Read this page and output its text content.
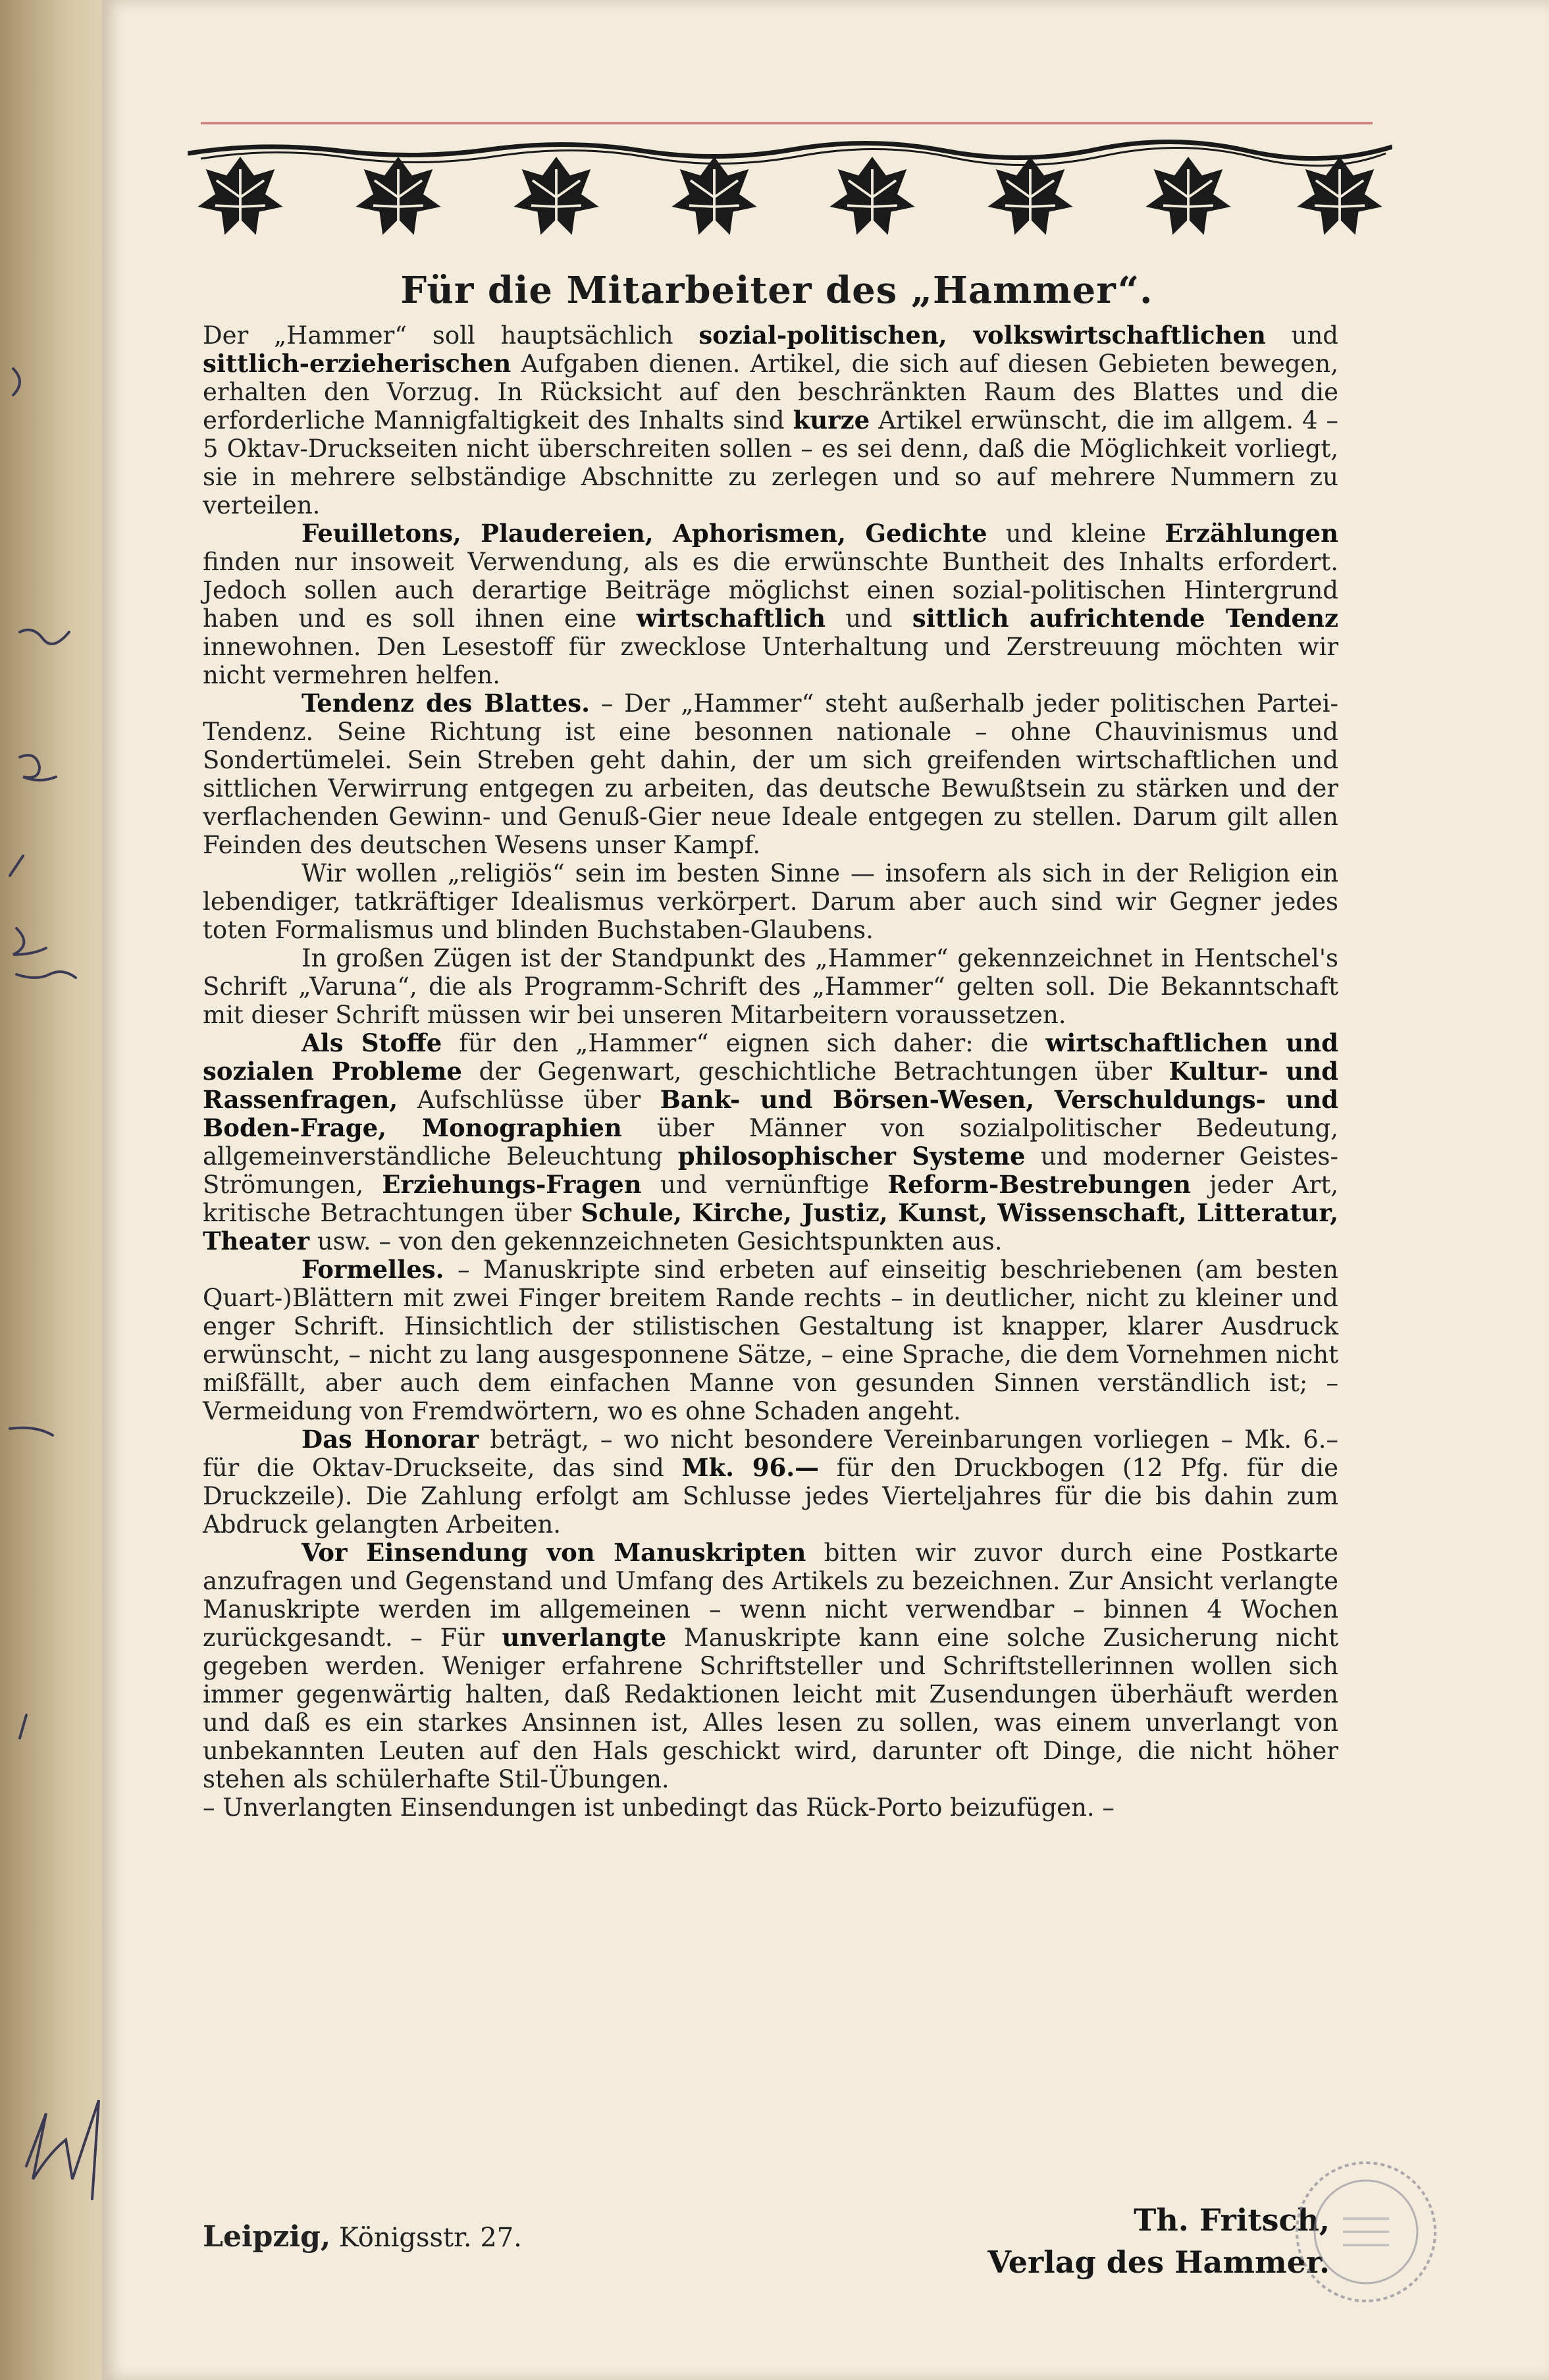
Für die Mitarbeiter des „Hammer“.

Der „Hammer“ soll hauptsächlich sozial-politischen, volkswirtschaftlichen und sittlich-erzieherischen Aufgaben dienen. Artikel, die sich auf diesen Gebieten bewegen, erhalten den Vorzug. In Rücksicht auf den beschränkten Raum des Blattes und die erforderliche Mannigfaltigkeit des Inhalts sind kurze Artikel erwünscht, die im allgem. 4 – 5 Oktav-Druckseiten nicht überschreiten sollen – es sei denn, daß die Möglichkeit vorliegt, sie in mehrere selbständige Abschnitte zu zerlegen und so auf mehrere Nummern zu verteilen.

Feuilletons, Plaudereien, Aphorismen, Gedichte und kleine Erzählungen finden nur insoweit Verwendung, als es die erwünschte Buntheit des Inhalts erfordert. Jedoch sollen auch derartige Beiträge möglichst einen sozial-politischen Hintergrund haben und es soll ihnen eine wirtschaftlich und sittlich aufrichtende Tendenz innewohnen. Den Lesestoff für zwecklose Unterhaltung und Zerstreuung möchten wir nicht vermehren helfen.

Tendenz des Blattes. – Der „Hammer“ steht außerhalb jeder politischen Partei-Tendenz. Seine Richtung ist eine besonnen nationale – ohne Chauvinismus und Sondertümelei. Sein Streben geht dahin, der um sich greifenden wirtschaftlichen und sittlichen Verwirrung entgegen zu arbeiten, das deutsche Bewußtsein zu stärken und der verflachenden Gewinn- und Genuß-Gier neue Ideale entgegen zu stellen. Darum gilt allen Feinden des deutschen Wesens unser Kampf.

Wir wollen „religiös“ sein im besten Sinne — insofern als sich in der Religion ein lebendiger, tatkräftiger Idealismus verkörpert. Darum aber auch sind wir Gegner jedes toten Formalismus und blinden Buchstaben-Glaubens.

In großen Zügen ist der Standpunkt des „Hammer“ gekennzeichnet in Hentschel's Schrift „Varuna“, die als Programm-Schrift des „Hammer“ gelten soll. Die Bekanntschaft mit dieser Schrift müssen wir bei unseren Mitarbeitern voraussetzen.

Als Stoffe für den „Hammer“ eignen sich daher: die wirtschaftlichen und sozialen Probleme der Gegenwart, geschichtliche Betrachtungen über Kultur- und Rassenfragen, Aufschlüsse über Bank- und Börsen-Wesen, Verschuldungs- und Boden-Frage, Monographien über Männer von sozialpolitischer Bedeutung, allgemeinverständliche Beleuchtung philosophischer Systeme und moderner Geistes-Strömungen, Erziehungs-Fragen und vernünftige Reform-Bestrebungen jeder Art, kritische Betrachtungen über Schule, Kirche, Justiz, Kunst, Wissenschaft, Litteratur, Theater usw. – von den gekennzeichneten Gesichtspunkten aus.

Formelles. – Manuskripte sind erbeten auf einseitig beschriebenen (am besten Quart-)Blättern mit zwei Finger breitem Rande rechts – in deutlicher, nicht zu kleiner und enger Schrift. Hinsichtlich der stilistischen Gestaltung ist knapper, klarer Ausdruck erwünscht, – nicht zu lang ausgesponnene Sätze, – eine Sprache, die dem Vornehmen nicht mißfällt, aber auch dem einfachen Manne von gesunden Sinnen verständlich ist; – Vermeidung von Fremdwörtern, wo es ohne Schaden angeht.

Das Honorar beträgt, – wo nicht besondere Vereinbarungen vorliegen – Mk. 6.– für die Oktav-Druckseite, das sind Mk. 96.— für den Druckbogen (12 Pfg. für die Druckzeile). Die Zahlung erfolgt am Schlusse jedes Vierteljahres für die bis dahin zum Abdruck gelangten Arbeiten.

Vor Einsendung von Manuskripten bitten wir zuvor durch eine Postkarte anzufragen und Gegenstand und Umfang des Artikels zu bezeichnen. Zur Ansicht verlangte Manuskripte werden im allgemeinen – wenn nicht verwendbar – binnen 4 Wochen zurückgesandt. – Für unverlangte Manuskripte kann eine solche Zusicherung nicht gegeben werden. Weniger erfahrene Schriftsteller und Schriftstellerinnen wollen sich immer gegenwärtig halten, daß Redaktionen leicht mit Zusendungen überhäuft werden und daß es ein starkes Ansinnen ist, Alles lesen zu sollen, was einem unverlangt von unbekannten Leuten auf den Hals geschickt wird, darunter oft Dinge, die nicht höher stehen als schülerhafte Stil-Übungen.

– Unverlangten Einsendungen ist unbedingt das Rück-Porto beizufügen. –

Leipzig, Königsstr. 27.	Th. Fritsch,
Verlag des Hammer.
